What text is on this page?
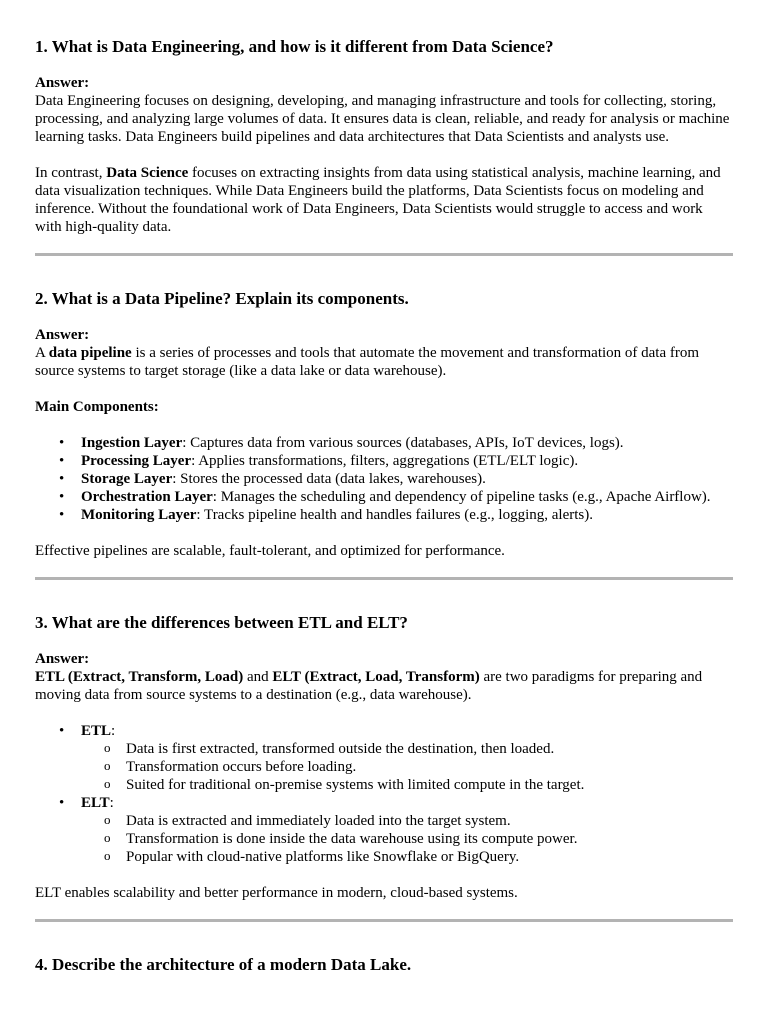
1. What is Data Engineering, and how is it different from Data Science?

Answer:

Data Engineering focuses on designing, developing, and managing infrastructure and tools for collecting, storing, processing, and analyzing large volumes of data. It ensures data is clean, reliable, and ready for analysis or machine learning tasks. Data Engineers build pipelines and data architectures that Data Scientists and analysts use.

In contrast, Data Science focuses on extracting insights from data using statistical analysis, machine learning, and data visualization techniques. While Data Engineers build the platforms, Data Scientists focus on modeling and inference. Without the foundational work of Data Engineers, Data Scientists would struggle to access and work with high-quality data.

2. What is a Data Pipeline? Explain its components.

Answer:

A data pipeline is a series of processes and tools that automate the movement and transformation of data from source systems to target storage (like a data lake or data warehouse).

Main Components:

• Ingestion Layer: Captures data from various sources (databases, APIs, IoT devices, logs).
• Processing Layer: Applies transformations, filters, aggregations (ETL/ELT logic).
• Storage Layer: Stores the processed data (data lakes, warehouses).
• Orchestration Layer: Manages the scheduling and dependency of pipeline tasks (e.g., Apache Airflow).
• Monitoring Layer: Tracks pipeline health and handles failures (e.g., logging, alerts).

Effective pipelines are scalable, fault-tolerant, and optimized for performance.

3. What are the differences between ETL and ELT?

Answer:

ETL (Extract, Transform, Load) and ELT (Extract, Load, Transform) are two paradigms for preparing and moving data from source systems to a destination (e.g., data warehouse).

• ETL:
o Data is first extracted, transformed outside the destination, then loaded.
o Transformation occurs before loading.
o Suited for traditional on-premise systems with limited compute in the target.
• ELT:
o Data is extracted and immediately loaded into the target system.
o Transformation is done inside the data warehouse using its compute power.
o Popular with cloud-native platforms like Snowflake or BigQuery.

ELT enables scalability and better performance in modern, cloud-based systems.

4. Describe the architecture of a modern Data Lake.
